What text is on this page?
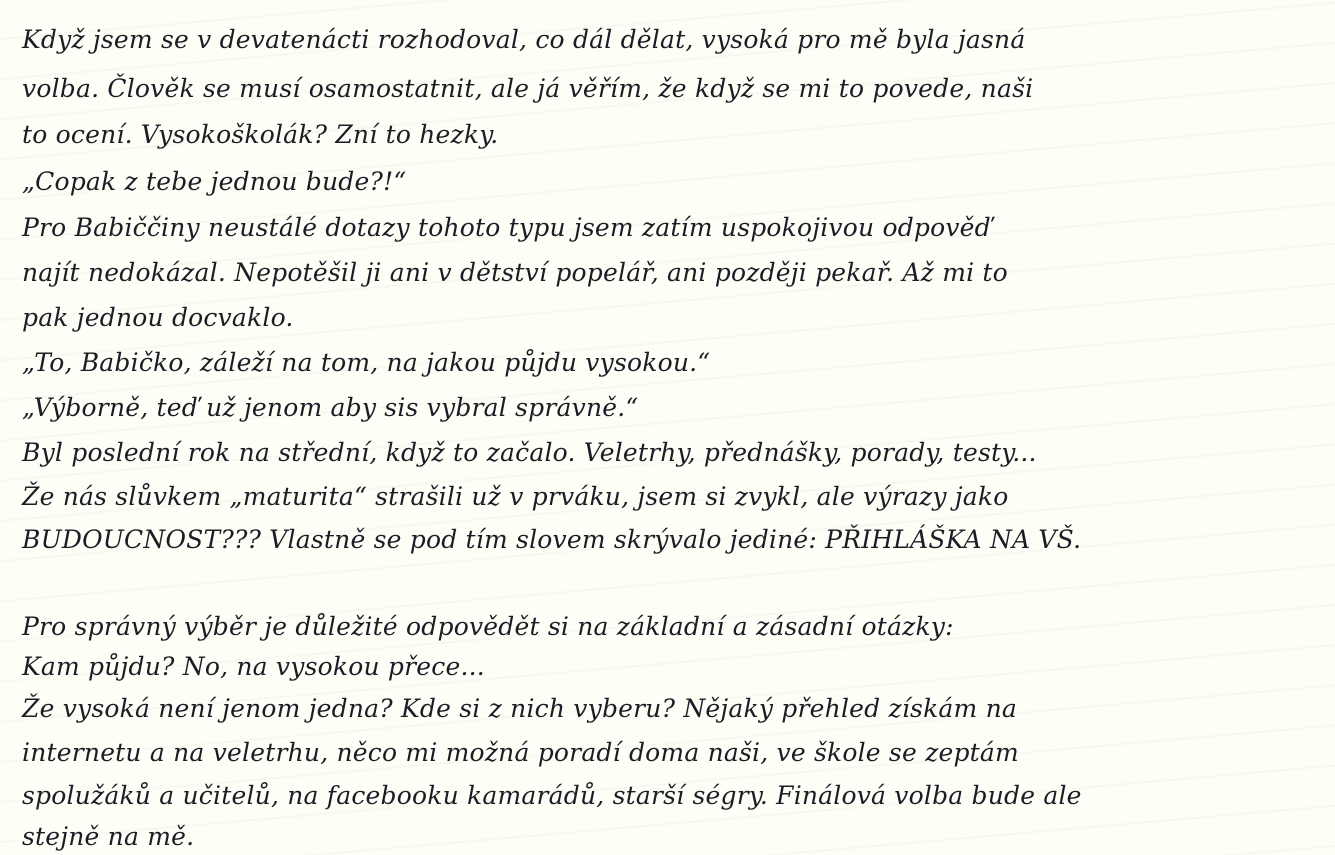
Když jsem se v devatenácti rozhodoval, co dál dělat, vysoká pro mě byla jasná
volba. Člověk se musí osamostatnit, ale já věřím, že když se mi to povede, naši
to ocení. Vysokoškolák? Zní to hezky.
„Copak z tebe jednou bude?!“
Pro Babiččiny neustálé dotazy tohoto typu jsem zatím uspokojivou odpověď
najít nedokázal. Nepotěšil ji ani v dětství popelář, ani později pekař. Až mi to
pak jednou docvaklo.
„To, Babičko, záleží na tom, na jakou půjdu vysokou.“
„Výborně, teď už jenom aby sis vybral správně.“
Byl poslední rok na střední, když to začalo. Veletrhy, přednášky, porady, testy...
Že nás slůvkem „maturita“ strašili už v prváku, jsem si zvykl, ale výrazy jako
BUDOUCNOST??? Vlastně se pod tím slovem skrývalo jediné: PŘIHLÁŠKA NA VŠ.
Pro správný výběr je důležité odpovědět si na základní a zásadní otázky:
Kam půjdu? No, na vysokou přece...
Že vysoká není jenom jedna? Kde si z nich vyberu? Nějaký přehled získám na
internetu a na veletrhu, něco mi možná poradí doma naši, ve škole se zeptám
spolužáků a učitelů, na facebooku kamarádů, starší ségry. Finálová volba bude ale
stejně na mě.
